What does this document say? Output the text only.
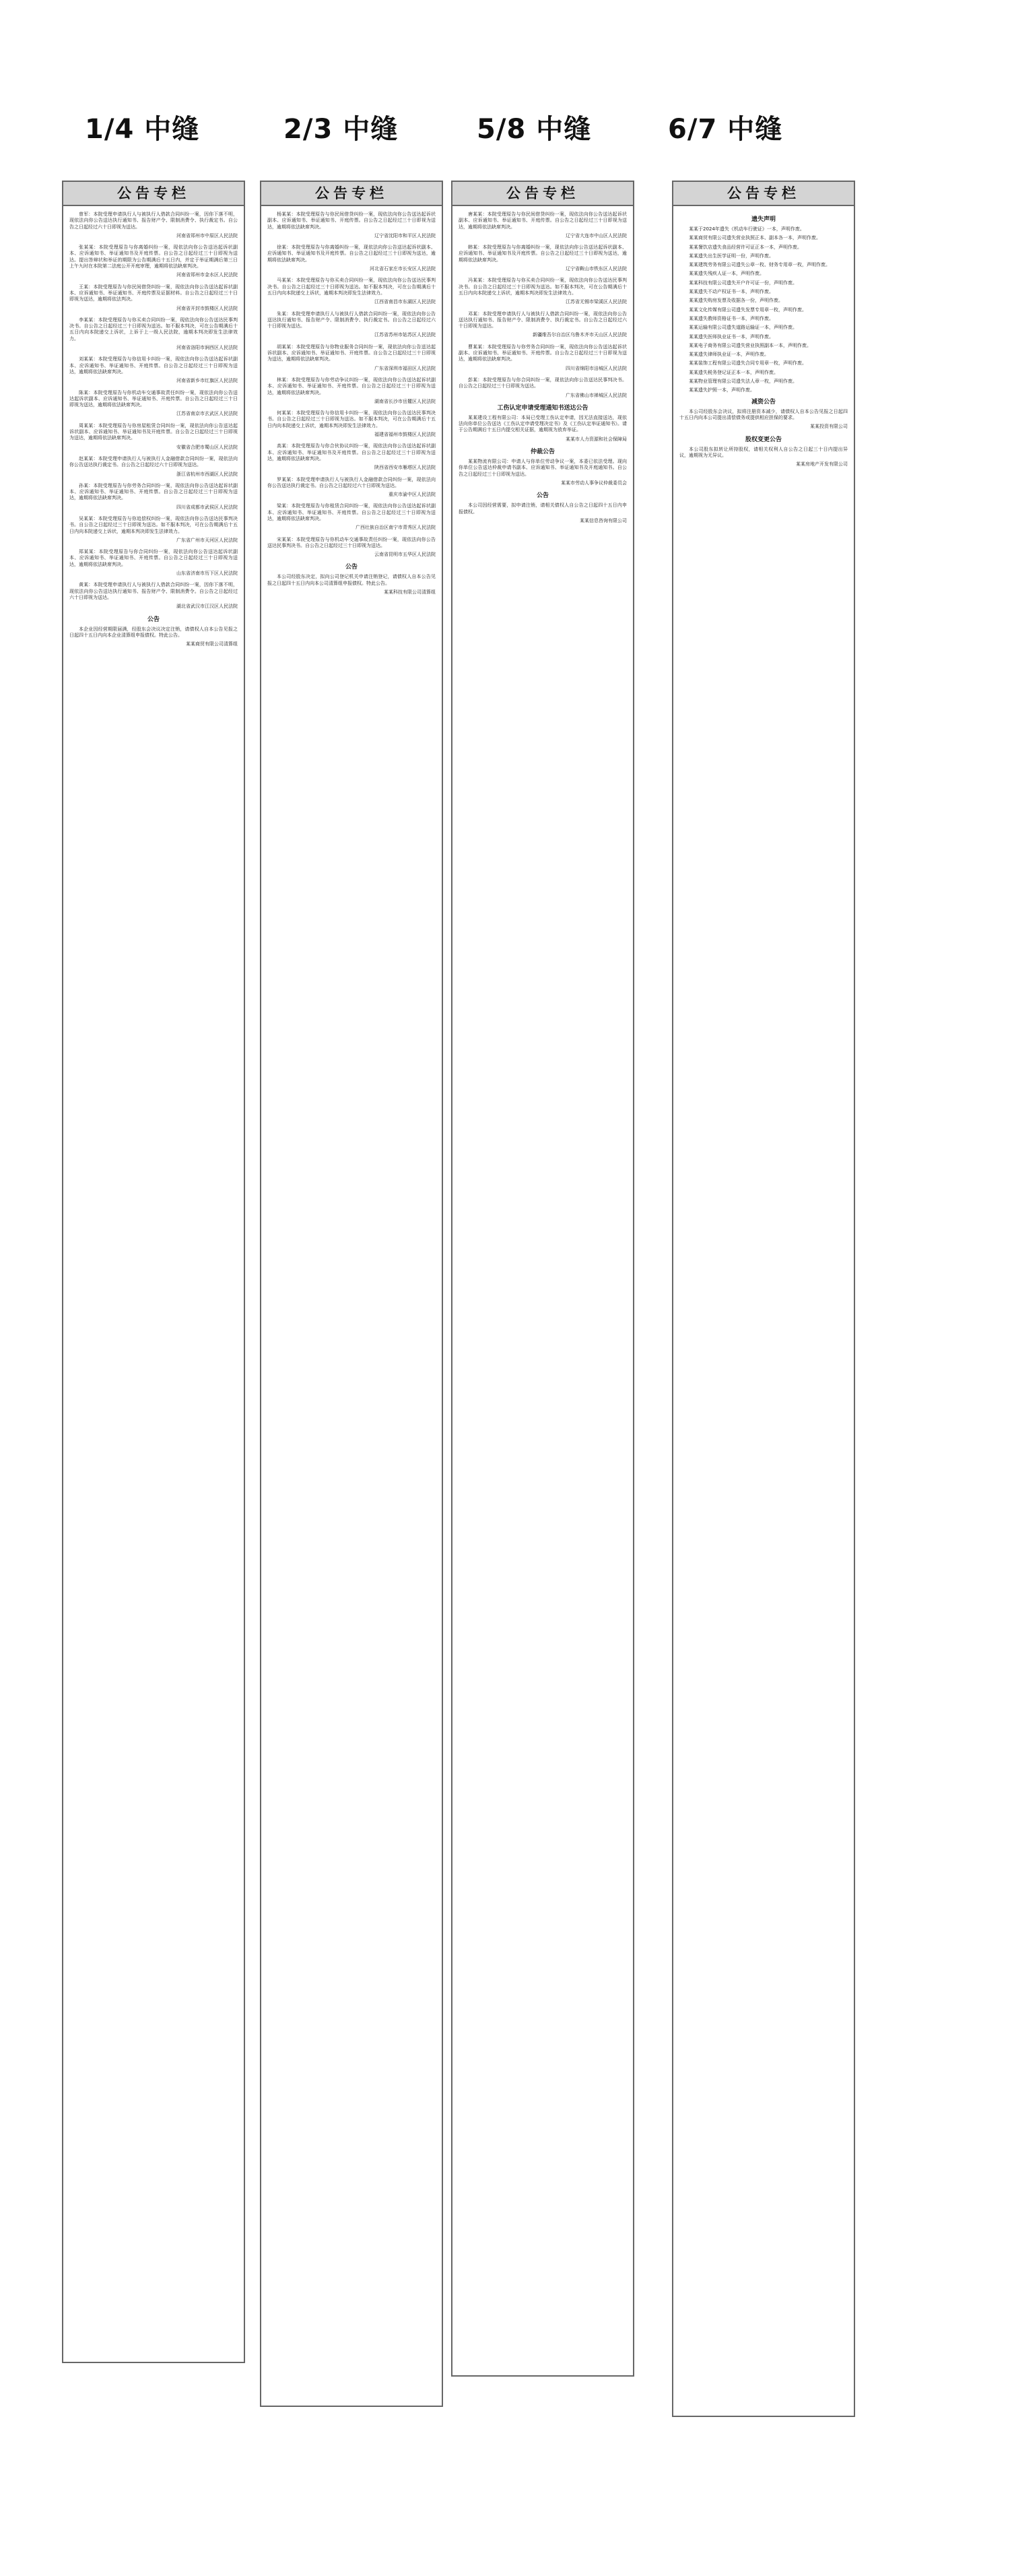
1/4 中缝	2/3 中缝	5/8 中缝	6/7 中缝
公告专栏

曾军：本院受理申请执行人与被执行人借款合同纠纷一案，因你下落不明，现依法向你公告送达执行通知书、报告财产令、限制消费令、执行裁定书。自公告之日起经过六十日即视为送达。

河南省郑州市中原区人民法院

张某某：本院受理原告与你离婚纠纷一案，现依法向你公告送达起诉状副本、应诉通知书、举证通知书及开庭传票。自公告之日起经过三十日即视为送达。提出答辩状和举证的期限为公告期满后十五日内，并定于举证期满后第三日上午九时在本院第二法庭公开开庭审理，逾期将依法缺席判决。

河南省郑州市金水区人民法院

王某：本院受理原告与你民间借贷纠纷一案，现依法向你公告送达起诉状副本、应诉通知书、举证通知书、开庭传票及证据材料。自公告之日起经过三十日即视为送达，逾期将依法判决。

河南省开封市鼓楼区人民法院

李某某：本院受理原告与你买卖合同纠纷一案，现依法向你公告送达民事判决书。自公告之日起经过三十日即视为送达。如不服本判决，可在公告期满后十五日内向本院递交上诉状，上诉于上一级人民法院，逾期本判决即发生法律效力。

河南省洛阳市涧西区人民法院

刘某某：本院受理原告与你信用卡纠纷一案，现依法向你公告送达起诉状副本、应诉通知书、举证通知书、开庭传票。自公告之日起经过三十日即视为送达，逾期将依法缺席判决。

河南省新乡市红旗区人民法院

陈某：本院受理原告与你机动车交通事故责任纠纷一案，现依法向你公告送达起诉状副本、应诉通知书、举证通知书、开庭传票。自公告之日起经过三十日即视为送达，逾期将依法缺席判决。

江苏省南京市玄武区人民法院

周某某：本院受理原告与你房屋租赁合同纠纷一案，现依法向你公告送达起诉状副本、应诉通知书、举证通知书及开庭传票。自公告之日起经过三十日即视为送达，逾期将依法缺席判决。

安徽省合肥市蜀山区人民法院

赵某某：本院受理申请执行人与被执行人金融借款合同纠纷一案，现依法向你公告送达执行裁定书。自公告之日起经过六十日即视为送达。

浙江省杭州市西湖区人民法院

孙某：本院受理原告与你劳务合同纠纷一案，现依法向你公告送达起诉状副本、应诉通知书、举证通知书、开庭传票。自公告之日起经过三十日即视为送达，逾期将依法缺席判决。

四川省成都市武侯区人民法院

吴某某：本院受理原告与你追偿权纠纷一案，现依法向你公告送达民事判决书。自公告之日起经过三十日即视为送达。如不服本判决，可在公告期满后十五日内向本院递交上诉状，逾期本判决即发生法律效力。

广东省广州市天河区人民法院

郑某某：本院受理原告与你合同纠纷一案，现依法向你公告送达起诉状副本、应诉通知书、举证通知书、开庭传票。自公告之日起经过三十日即视为送达，逾期将依法缺席判决。

山东省济南市历下区人民法院

黄某：本院受理申请执行人与被执行人借款合同纠纷一案，因你下落不明，现依法向你公告送达执行通知书、报告财产令、限制消费令。自公告之日起经过六十日即视为送达。

湖北省武汉市江汉区人民法院

公告

本企业因经营期限届满，经股东会决议决定注销，请债权人自本公告见报之日起四十五日内向本企业清算组申报债权。特此公告。

某某商贸有限公司清算组

公告专栏

杨某某：本院受理原告与你民间借贷纠纷一案，现依法向你公告送达起诉状副本、应诉通知书、举证通知书、开庭传票。自公告之日起经过三十日即视为送达，逾期将依法缺席判决。

辽宁省沈阳市和平区人民法院

徐某：本院受理原告与你离婚纠纷一案，现依法向你公告送达起诉状副本、应诉通知书、举证通知书及开庭传票。自公告之日起经过三十日即视为送达，逾期将依法缺席判决。

河北省石家庄市长安区人民法院

马某某：本院受理原告与你买卖合同纠纷一案，现依法向你公告送达民事判决书。自公告之日起经过三十日即视为送达。如不服本判决，可在公告期满后十五日内向本院递交上诉状，逾期本判决即发生法律效力。

江西省南昌市东湖区人民法院

朱某：本院受理申请执行人与被执行人借款合同纠纷一案，现依法向你公告送达执行通知书、报告财产令、限制消费令、执行裁定书。自公告之日起经过六十日即视为送达。

江苏省苏州市姑苏区人民法院

胡某某：本院受理原告与你物业服务合同纠纷一案，现依法向你公告送达起诉状副本、应诉通知书、举证通知书、开庭传票。自公告之日起经过三十日即视为送达，逾期将依法缺席判决。

广东省深圳市福田区人民法院

林某：本院受理原告与你劳动争议纠纷一案，现依法向你公告送达起诉状副本、应诉通知书、举证通知书、开庭传票。自公告之日起经过三十日即视为送达，逾期将依法缺席判决。

湖南省长沙市岳麓区人民法院

何某某：本院受理原告与你信用卡纠纷一案，现依法向你公告送达民事判决书。自公告之日起经过三十日即视为送达。如不服本判决，可在公告期满后十五日内向本院递交上诉状，逾期本判决即发生法律效力。

福建省福州市鼓楼区人民法院

高某：本院受理原告与你合伙协议纠纷一案，现依法向你公告送达起诉状副本、应诉通知书、举证通知书及开庭传票。自公告之日起经过三十日即视为送达，逾期将依法缺席判决。

陕西省西安市雁塔区人民法院

罗某某：本院受理申请执行人与被执行人金融借款合同纠纷一案，现依法向你公告送达执行裁定书。自公告之日起经过六十日即视为送达。

重庆市渝中区人民法院

梁某：本院受理原告与你租赁合同纠纷一案，现依法向你公告送达起诉状副本、应诉通知书、举证通知书、开庭传票。自公告之日起经过三十日即视为送达，逾期将依法缺席判决。

广西壮族自治区南宁市青秀区人民法院

宋某某：本院受理原告与你机动车交通事故责任纠纷一案，现依法向你公告送达民事判决书。自公告之日起经过三十日即视为送达。

云南省昆明市五华区人民法院

公告

本公司经股东决定，拟向公司登记机关申请注销登记，请债权人自本公告见报之日起四十五日内向本公司清算组申报债权。特此公告。

某某科技有限公司清算组

公告专栏

唐某某：本院受理原告与你民间借贷纠纷一案，现依法向你公告送达起诉状副本、应诉通知书、举证通知书、开庭传票。自公告之日起经过三十日即视为送达，逾期将依法缺席判决。

辽宁省大连市中山区人民法院

韩某：本院受理原告与你离婚纠纷一案，现依法向你公告送达起诉状副本、应诉通知书、举证通知书及开庭传票。自公告之日起经过三十日即视为送达，逾期将依法缺席判决。

辽宁省鞍山市铁东区人民法院

冯某某：本院受理原告与你买卖合同纠纷一案，现依法向你公告送达民事判决书。自公告之日起经过三十日即视为送达。如不服本判决，可在公告期满后十五日内向本院递交上诉状，逾期本判决即发生法律效力。

江苏省无锡市梁溪区人民法院

邓某：本院受理申请执行人与被执行人借款合同纠纷一案，现依法向你公告送达执行通知书、报告财产令、限制消费令、执行裁定书。自公告之日起经过六十日即视为送达。

新疆维吾尔自治区乌鲁木齐市天山区人民法院

曹某某：本院受理原告与你劳务合同纠纷一案，现依法向你公告送达起诉状副本、应诉通知书、举证通知书、开庭传票。自公告之日起经过三十日即视为送达，逾期将依法缺席判决。

四川省绵阳市涪城区人民法院

彭某：本院受理原告与你合同纠纷一案，现依法向你公告送达民事判决书。自公告之日起经过三十日即视为送达。

广东省佛山市禅城区人民法院

工伤认定申请受理通知书送达公告

某某建设工程有限公司：本局已受理工伤认定申请，因无法直接送达，现依法向你单位公告送达《工伤认定申请受理决定书》及《工伤认定举证通知书》。请于公告期满后十五日内提交相关证据，逾期视为放弃举证。

某某市人力资源和社会保障局

仲裁公告

某某物流有限公司：申请人与你单位劳动争议一案，本委已依法受理。现向你单位公告送达仲裁申请书副本、应诉通知书、举证通知书及开庭通知书。自公告之日起经过三十日即视为送达。

某某市劳动人事争议仲裁委员会

公告

本公司因经营需要，拟申请注销，请相关债权人自公告之日起四十五日内申报债权。

某某信息咨询有限公司

公告专栏

遗失声明

某某于2024年遗失《机动车行驶证》一本，声明作废。

某某商贸有限公司遗失营业执照正本、副本各一本，声明作废。

某某餐饮店遗失食品经营许可证正本一本，声明作废。

某某遗失出生医学证明一份，声明作废。

某某建筑劳务有限公司遗失公章一枚、财务专用章一枚，声明作废。

某某遗失残疾人证一本，声明作废。

某某科技有限公司遗失开户许可证一份，声明作废。

某某遗失不动产权证书一本，声明作废。

某某遗失购房发票及收据各一份，声明作废。

某某文化传媒有限公司遗失发票专用章一枚，声明作废。

某某遗失教师资格证书一本，声明作废。

某某运输有限公司遗失道路运输证一本，声明作废。

某某遗失医师执业证书一本，声明作废。

某某电子商务有限公司遗失营业执照副本一本，声明作废。

某某遗失律师执业证一本，声明作废。

某某装饰工程有限公司遗失合同专用章一枚，声明作废。

某某遗失税务登记证正本一本，声明作废。

某某物业管理有限公司遗失法人章一枚，声明作废。

某某遗失护照一本，声明作废。

减资公告

本公司经股东会决议，拟将注册资本减少，请债权人自本公告见报之日起四十五日内向本公司提出清偿债务或提供相应担保的要求。

某某投资有限公司

股权变更公告

本公司股东拟转让所持股权，请相关权利人自公告之日起三十日内提出异议，逾期视为无异议。

某某房地产开发有限公司
